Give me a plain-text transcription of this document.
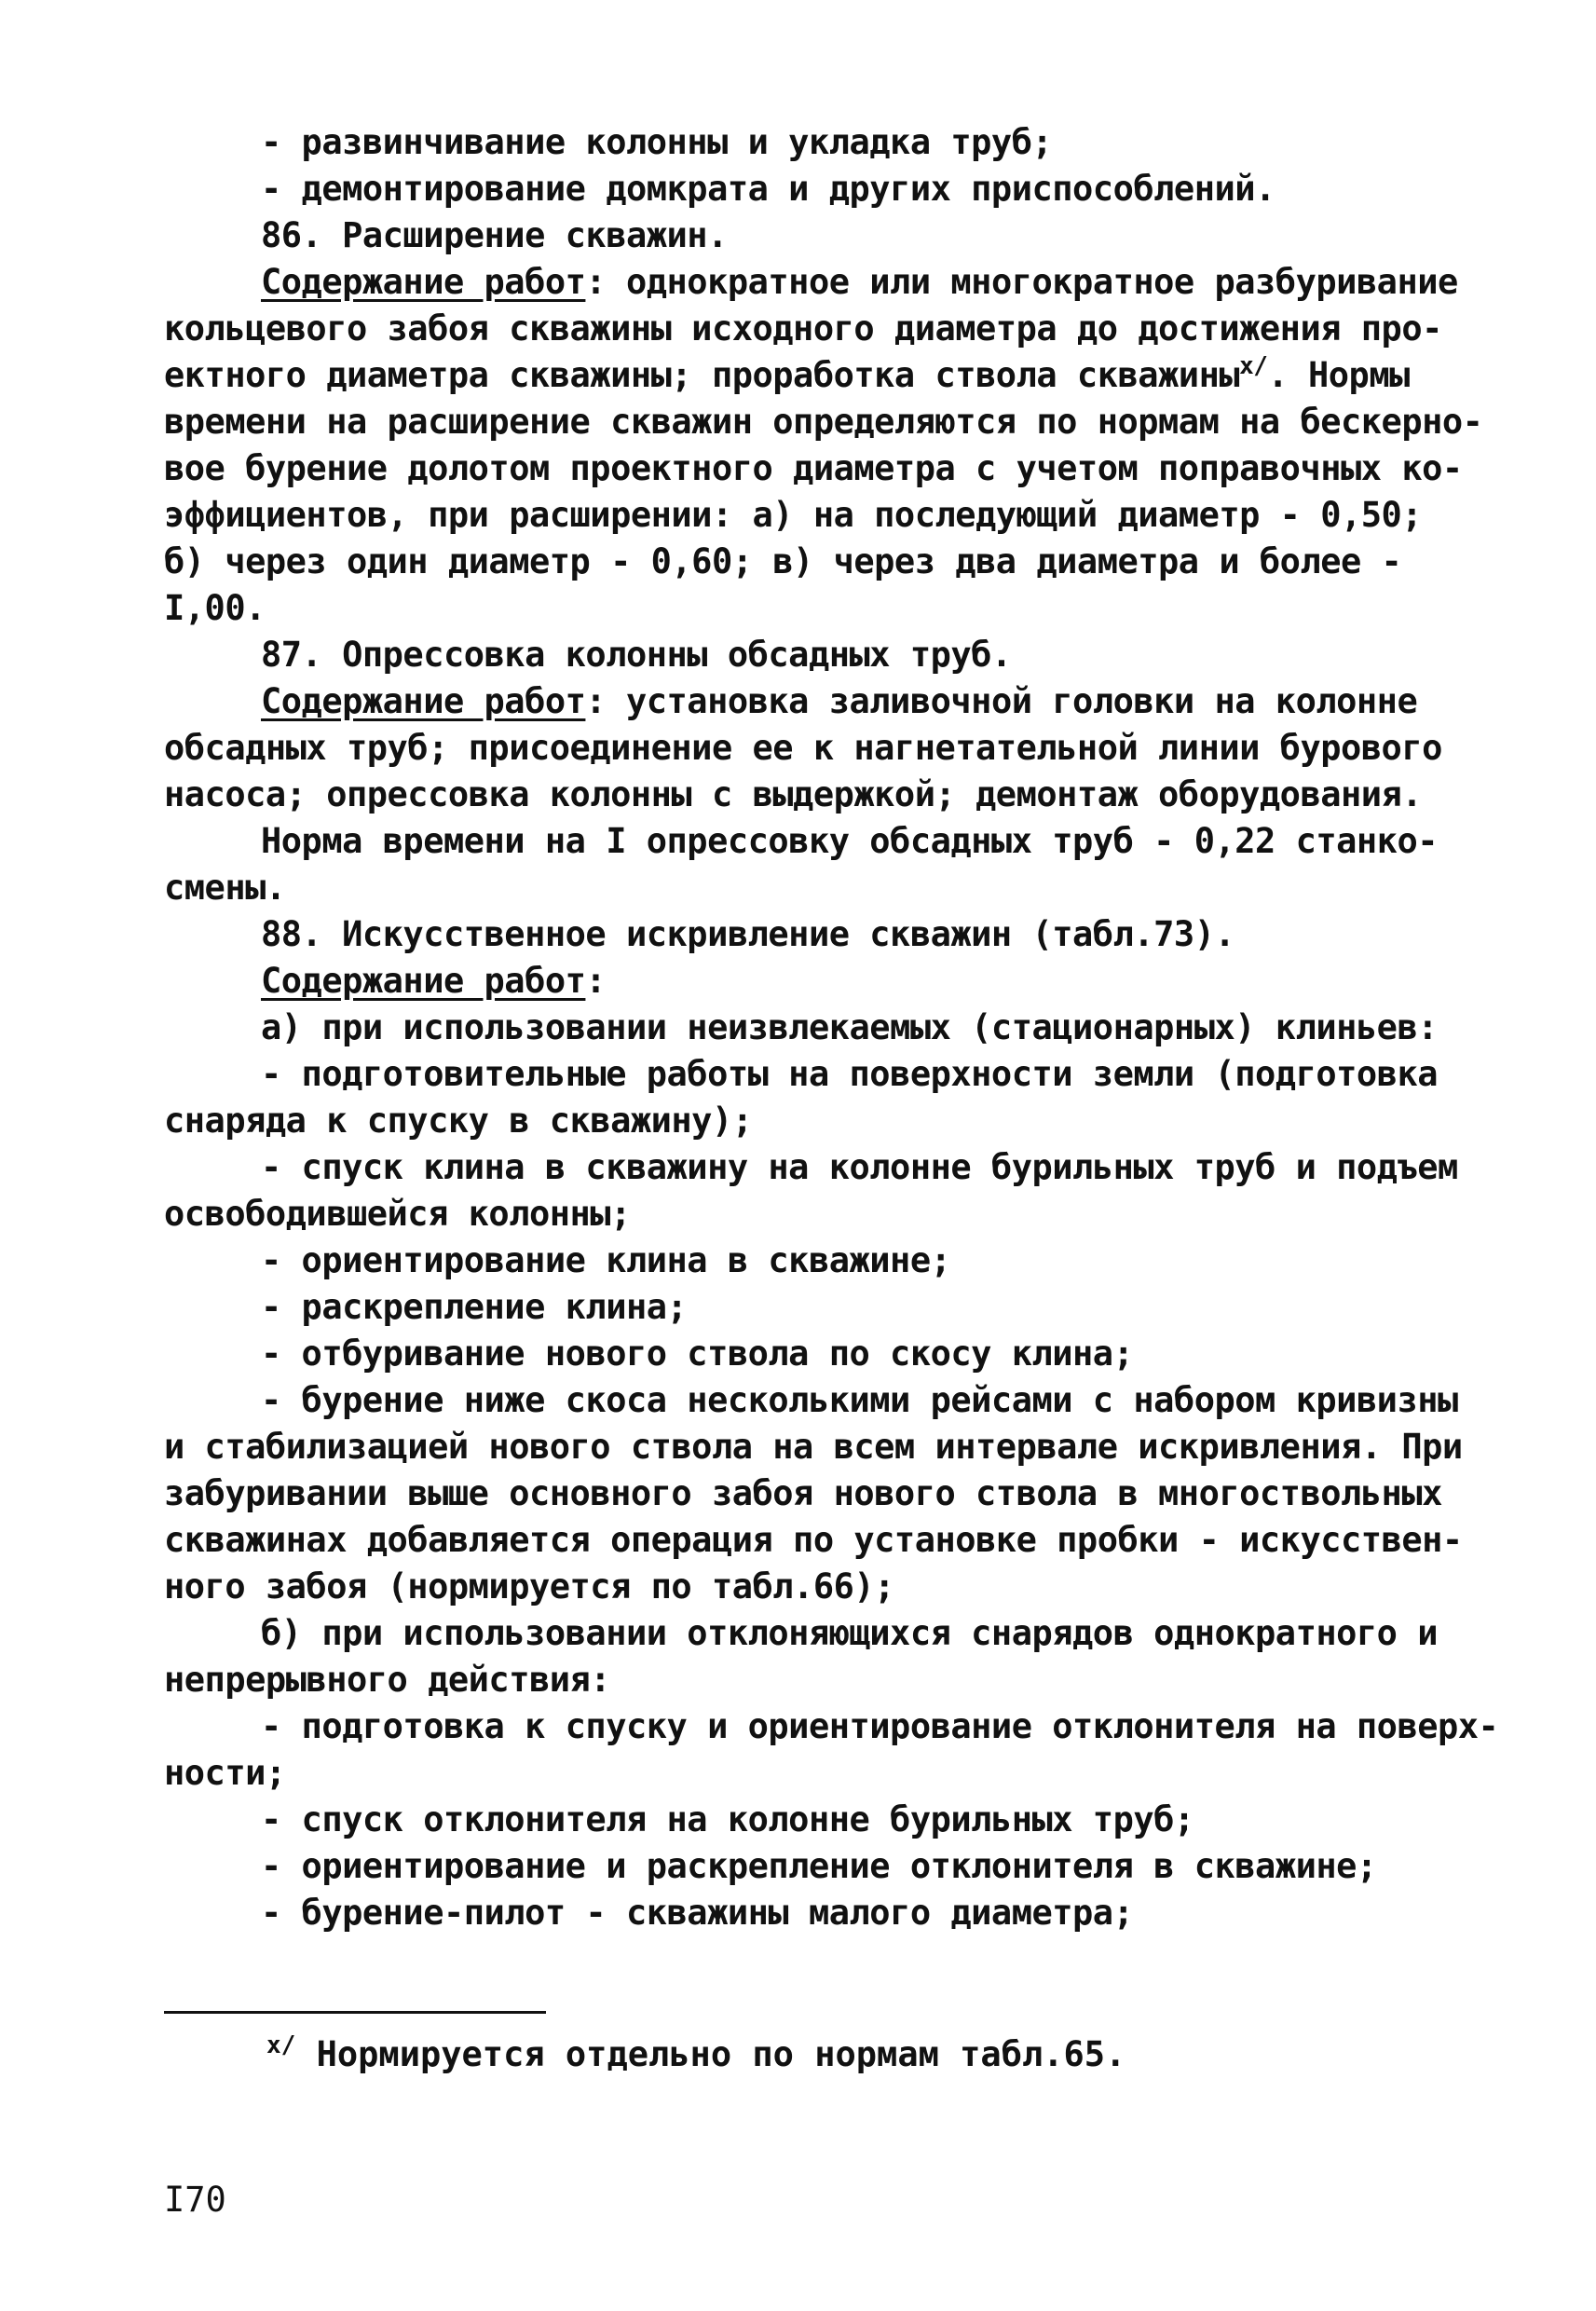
- развинчивание колонны и укладка труб;
- демонтирование домкрата и других приспособлений.
86. Расширение скважин.
Содержание работ: однократное или многократное разбуривание
кольцевого забоя скважины исходного диаметра до достижения про-
ектного диаметра скважины; проработка ствола скважины$^{x/}$. Нормы
времени на расширение скважин определяются по нормам на бескерно-
вое бурение долотом проектного диаметра с учетом поправочных ко-
эффициентов, при расширении: а) на последующий диаметр - 0,50;
б) через один диаметр - 0,60; в) через два диаметра и более -
I,00.
87. Опрессовка колонны обсадных труб.
Содержание работ: установка заливочной головки на колонне
обсадных труб; присоединение ее к нагнетательной линии бурового
насоса; опрессовка колонны с выдержкой; демонтаж оборудования.
Норма времени на I опрессовку обсадных труб - 0,22 станко-
смены.
88. Искусственное искривление скважин (табл.73).
Содержание работ:
а) при использовании неизвлекаемых (стационарных) клиньев:
- подготовительные работы на поверхности земли (подготовка
снаряда к спуску в скважину);
- спуск клина в скважину на колонне бурильных труб и подъем
освободившейся колонны;
- ориентирование клина в скважине;
- раскрепление клина;
- отбуривание нового ствола по скосу клина;
- бурение ниже скоса несколькими рейсами с набором кривизны
и стабилизацией нового ствола на всем интервале искривления. При
забуривании выше основного забоя нового ствола в многоствольных
скважинах добавляется операция по установке пробки - искусствен-
ного забоя (нормируется по табл.66);
б) при использовании отклоняющихся снарядов однократного и
непрерывного действия:
- подготовка к спуску и ориентирование отклонителя на поверх-
ности;
- спуск отклонителя на колонне бурильных труб;
- ориентирование и раскрепление отклонителя в скважине;
- бурение-пилот - скважины малого диаметра;
$^{x/}$ Нормируется отдельно по нормам табл.65.
I70
